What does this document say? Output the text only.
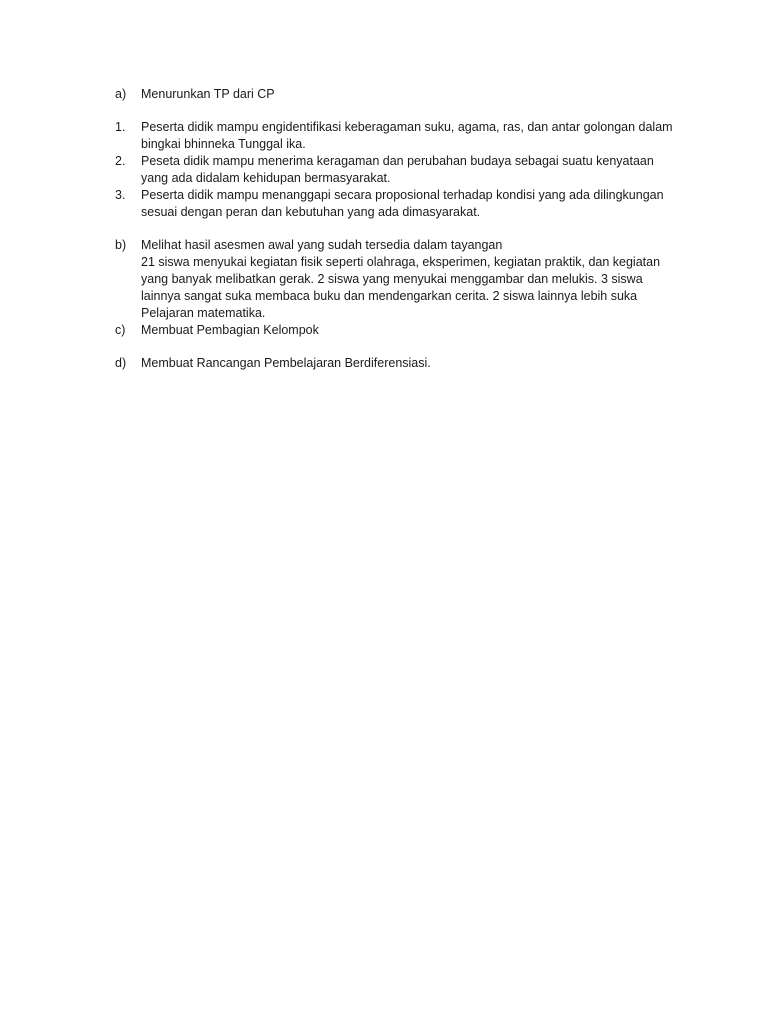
a)	Menurunkan TP dari CP
1.	Peserta didik mampu engidentifikasi keberagaman suku, agama, ras, dan antar golongan dalam bingkai bhinneka Tunggal ika.
2.	Peseta didik mampu menerima keragaman dan perubahan budaya sebagai suatu kenyataan yang ada didalam kehidupan bermasyarakat.
3.	Peserta didik mampu menanggapi secara proposional terhadap kondisi yang ada dilingkungan sesuai dengan peran dan kebutuhan yang ada dimasyarakat.
b)	Melihat hasil asesmen awal yang sudah tersedia dalam tayangan
21 siswa menyukai kegiatan fisik seperti olahraga, eksperimen, kegiatan praktik, dan kegiatan yang banyak melibatkan gerak. 2 siswa yang menyukai menggambar dan melukis. 3 siswa lainnya sangat suka membaca buku dan mendengarkan cerita. 2 siswa lainnya lebih suka Pelajaran matematika.
c)	Membuat Pembagian Kelompok
d)	Membuat Rancangan Pembelajaran Berdiferensiasi.
